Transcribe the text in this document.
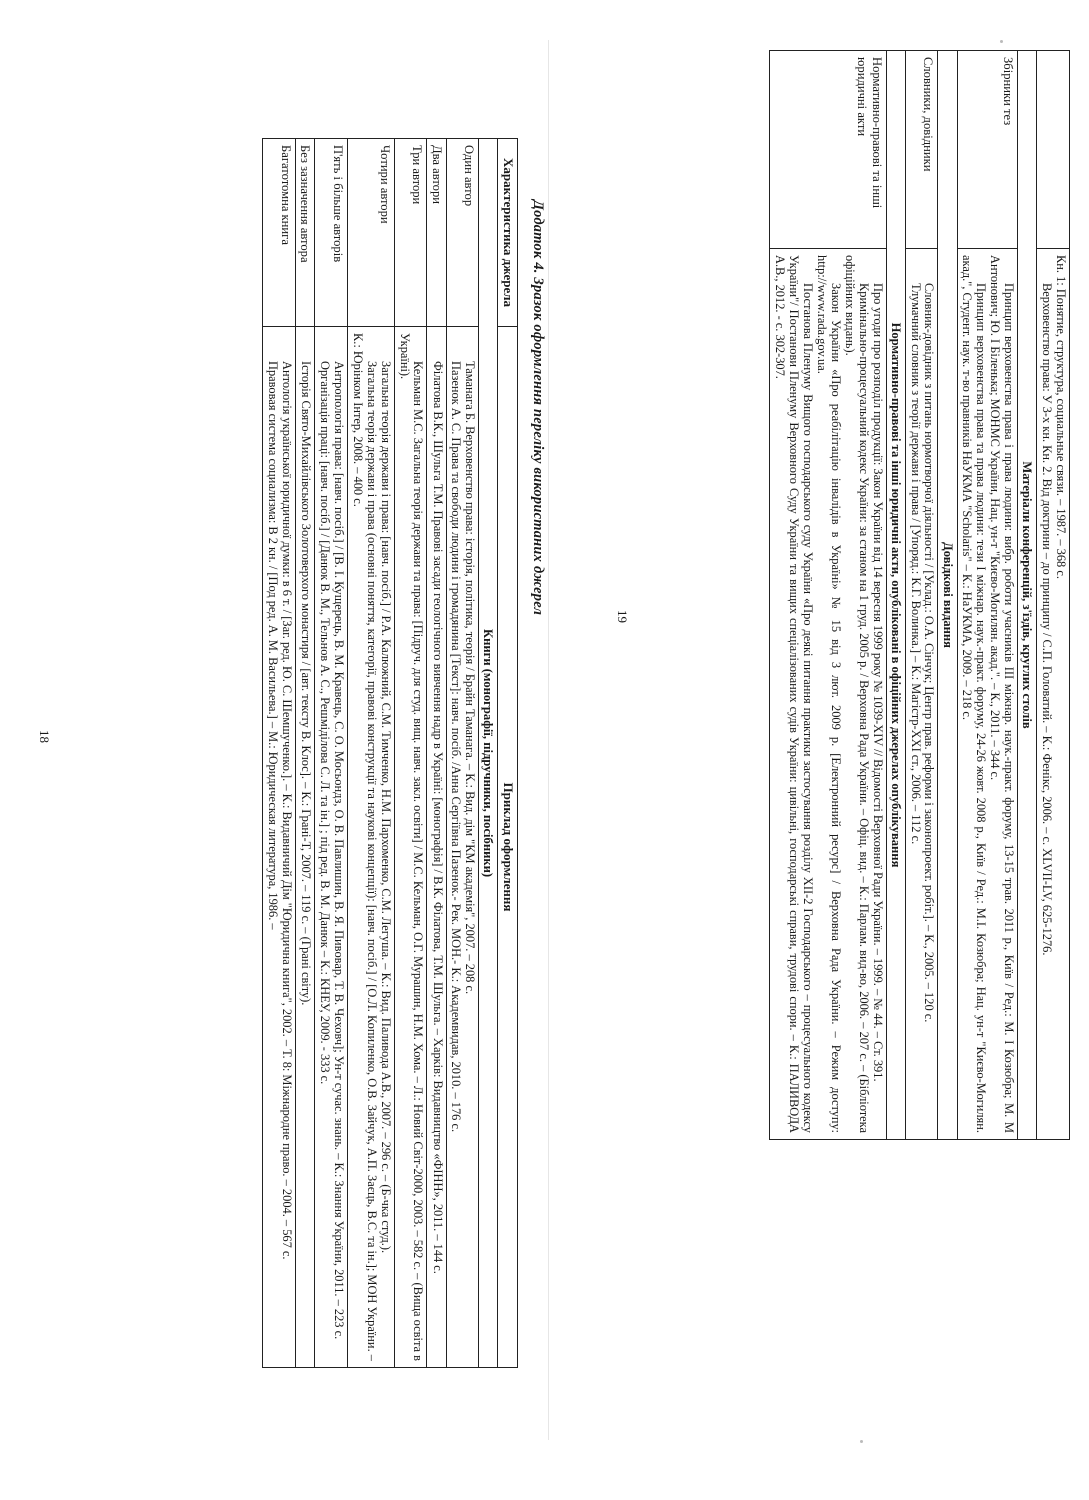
Додаток 4. Зразок оформлення переліку використаних джерел
Характеристика джерела	Приклад оформлення
Книги (монографії, підручники, посібники)	
Один автор	Таманага Б. Верховенство права: історія, політика, теорія / Брайн Таманага. – К.: Вид. дім "КМ академія", 2007. – 208 с.

Пазенок А. С. Права та свободи людини і громадянина [Текст]: навч. посіб. /Анна Сергіївна Пазенок.- Рек. МОН.- К.: Академвидав, 2010. – 176 с.

Два автори	Філатова В.К., Шульга Т.М. Правові засади геологічного вивчення надр в Україні: [монографія] / В.К. Філатова, Т.М. Шульга. – Харків: Видавництво «ФІНН», 2011. – 144 с.

Три автори	Кельман М.С. Загальна теорія держави та права: [Підруч. для студ. вищ. навч. закл. освіти] / М.С. Кельман, О.Г. Мурашин, Н.М. Хома. – Л.: Новий Світ-2000, 2003. – 582 с. – (Вища освіта в Україні).

Чотири автори	Загальна теорія держави і права: [навч. посіб.] / Р.А. Калюжний, С.М. Тимченко, Н.М. Пархоменко, С.М. Легуша. – К.: Вид. Паливода А.В., 2007. – 296 с. – (Б-чка студ.).

Загальна теорія держави і права (основні поняття, категорії, правові конструкції та наукові концепції): [навч. посіб.] / [О.Л. Копиленко, О.В. Зайчук, А.П. Заєць, В.С. та ін.]; МОН України. – К.: Юрінком Інтер, 2008. – 400 с.

П'ять і більше авторів	Антропологія права: [навч. посіб.] / [В. І. Кущерець, В. М. Кравець, С. О. Мосьондз, О. В. Павлишин, В. Я. Пивовар, Т. В. Чеховч]; Ун-т сучас. знань. – К.: Знання України, 2011. – 223 с.

Організація праці: [навч. посіб.] / [Данюк В. М., Тельнов А. С., Решміділова С. Л. та ін.] ; під ред. В. М. Данюк – К.: КНЕУ, 2009. - 333 с.

Без зазначення автора	Історія Свято-Михайлівського Золотоверхого монастиря / [авт. тексту В. Клос]. – К.: Грані-Т, 2007. – 119 с. – (Грані світу).

Багатотомна книга	Антологія української юридичної думки: в 6 т. / [Заг. ред. Ю. С. Шемшученко.]. – К.: Видавничий Дім "Юридична книга", 2002. – Т. 8: Міжнародне право. – 2004. – 567 с.

Правовая система социализма: В 2 кн. / [Под ред. А. М. Васильева.] – М.: Юридическая литература, 1986. –

18

	Кн. 1: Понятие, структура, социальные связи. – 1987. – 368 с.

Верховенство права: У 3-х кн. Кн. 2. Від доктрини – до принципу / С.П. Головатий. – К.: Фенікс, 2006. – с. XLVII-LV, 625-1276.

Матеріали конференцій, з'їздів, круглих столів	
Збірники тез	Принцип верховенства права і права людини: вибр. роботи учасників ІІІ міжнар. наук.-практ. форуму, 13-15 трав. 2011 р., Київ / Ред.: М. І Козюбра; М. М Антонович; Ю. І Біленька; МОНМС України, Нац. ун-т "Києво-Могилян. акад.". – К., 2011. – 344 с.

Принцип верховенства права та права людини: тези І міжнар. наук.-практ. форуму, 24-26 жовт. 2008 р., Київ / Ред.: М.І. Козюбра; Нац. ун-т "Києво-Могилян. акад.", Студент. наук. т-во правників НаУКМА "Scholaris" – К.: НаУКМА, 2009. – 218 с.

Довідкові видання	
Словники, довідники	Словник-довідник з питань нормотворчої діяльності / [Уклад.: О.А. Сінчук; Центр прав. реформи і законопроект. робіт.]. – К., 2005. – 120 с.

Тлумачний словник з теорії держави і права / [Упоряд.: К.Г. Волинка.] – К.: Магістр-XXI ст., 2006. – 112 с.

Нормативно-правові та інші юридичні акти, опубліковані в офіційних джерелах опублікування	
Нормативно-правові та інші юридичні акти	Про угоди про розподіл продукції: Закон України від 14 вересня 1999 року № 1039-XIV // Відомості Верховної Ради України. – 1999. – № 44. – Ст. 391.

Кримінально-процесуальний кодекс України: за станом на 1 груд. 2005 р. / Верховна Рада України. – Офіц. вид. – К.: Парлам. вид-во, 2006. – 207 с. – (Бібліотека офіційних видань).

Закон України «Про реабілітацію інвалідів в Україні» № 15 від 3 лют. 2009 р. [Електронний ресурс] / Верховна Рада України. – Режим доступу: http://www.rada.gov.ua.

Постанова Пленуму Вищого господарського суду України «Про деякі питання практики застосування розділу XII-2 Господарського – процесуального кодексу України"/ Постанови Пленуму Верховного Суду України та вищих спеціалізованих судів України: цивільні, господарські справи, трудові спори. – К.: ПАЛИВОДА А.В., 2012. - с. 302-307.

19
